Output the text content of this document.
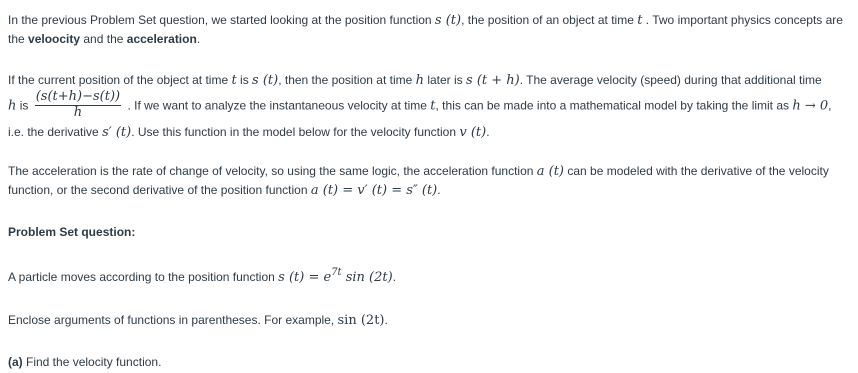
In the previous Problem Set question, we started looking at the position function s (t), the position of an object at time t . Two important physics concepts are the veloocity and the acceleration.

If the current position of the object at time t is s (t), then the position at time h later is s (t + h). The average velocity (speed) during that additional time
h is $\frac{(s(t+h)-s(t))}{h}$ . If we want to analyze the instantaneous velocity at time t, this can be made into a mathematical model by taking the limit as h → 0,
i.e. the derivative s′ (t). Use this function in the model below for the velocity function v (t).

The acceleration is the rate of change of velocity, so using the same logic, the acceleration function a (t) can be modeled with the derivative of the velocity function, or the second derivative of the position function a (t) = v′ (t) = s″ (t).

Problem Set question:

A particle moves according to the position function s $(t) = e^{7t}$ sin (2t).

Enclose arguments of functions in parentheses. For example, sin (2t).

(a) Find the velocity function.
